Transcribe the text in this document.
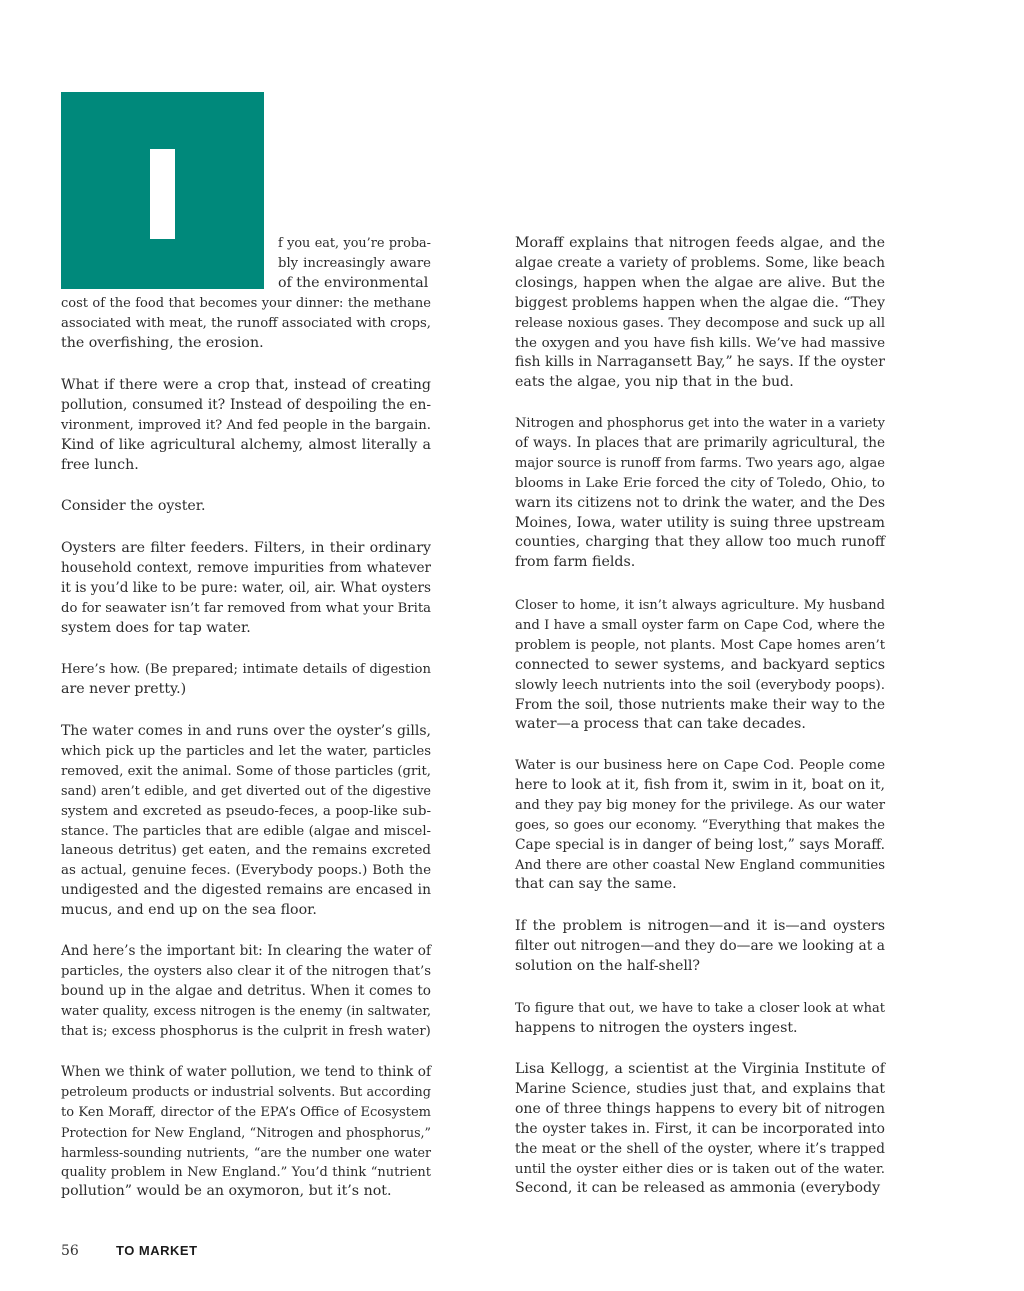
f you eat, you’re proba-
bly increasingly aware
of the environmental

cost of the food that becomes your dinner: the methane
associated with meat, the runoff associated with crops,
the overfishing, the erosion.

What if there were a crop that, instead of creating
pollution, consumed it? Instead of despoiling the en-
vironment, improved it? And fed people in the bargain.
Kind of like agricultural alchemy, almost literally a
free lunch.

Consider the oyster.

Oysters are filter feeders. Filters, in their ordinary
household context, remove impurities from whatever
it is you’d like to be pure: water, oil, air. What oysters
do for seawater isn’t far removed from what your Brita
system does for tap water.

Here’s how. (Be prepared; intimate details of digestion
are never pretty.)

The water comes in and runs over the oyster’s gills,
which pick up the particles and let the water, particles
removed, exit the animal. Some of those particles (grit,
sand) aren’t edible, and get diverted out of the digestive
system and excreted as pseudo-feces, a poop-like sub-
stance. The particles that are edible (algae and miscel-
laneous detritus) get eaten, and the remains excreted
as actual, genuine feces. (Everybody poops.) Both the
undigested and the digested remains are encased in
mucus, and end up on the sea floor.

And here’s the important bit: In clearing the water of
particles, the oysters also clear it of the nitrogen that’s
bound up in the algae and detritus. When it comes to
water quality, excess nitrogen is the enemy (in saltwater,
that is; excess phosphorus is the culprit in fresh water)

When we think of water pollution, we tend to think of
petroleum products or industrial solvents. But according
to Ken Moraff, director of the EPA’s Office of Ecosystem
Protection for New England, “Nitrogen and phosphorus,”
harmless-sounding nutrients, “are the number one water
quality problem in New England.” You’d think “nutrient
pollution” would be an oxymoron, but it’s not.

Moraff explains that nitrogen feeds algae, and the
algae create a variety of problems. Some, like beach
closings, happen when the algae are alive. But the
biggest problems happen when the algae die. “They
release noxious gases. They decompose and suck up all
the oxygen and you have fish kills. We’ve had massive
fish kills in Narragansett Bay,” he says. If the oyster
eats the algae, you nip that in the bud.

Nitrogen and phosphorus get into the water in a variety
of ways. In places that are primarily agricultural, the
major source is runoff from farms. Two years ago, algae
blooms in Lake Erie forced the city of Toledo, Ohio, to
warn its citizens not to drink the water, and the Des
Moines, Iowa, water utility is suing three upstream
counties, charging that they allow too much runoff
from farm fields.

Closer to home, it isn’t always agriculture. My husband
and I have a small oyster farm on Cape Cod, where the
problem is people, not plants. Most Cape homes aren’t
connected to sewer systems, and backyard septics
slowly leech nutrients into the soil (everybody poops).
From the soil, those nutrients make their way to the
water—a process that can take decades.

Water is our business here on Cape Cod. People come
here to look at it, fish from it, swim in it, boat on it,
and they pay big money for the privilege. As our water
goes, so goes our economy. “Everything that makes the
Cape special is in danger of being lost,” says Moraff.
And there are other coastal New England communities
that can say the same.

If the problem is nitrogen—and it is—and oysters
filter out nitrogen—and they do—are we looking at a
solution on the half-shell?

To figure that out, we have to take a closer look at what
happens to nitrogen the oysters ingest.

Lisa Kellogg, a scientist at the Virginia Institute of
Marine Science, studies just that, and explains that
one of three things happens to every bit of nitrogen
the oyster takes in. First, it can be incorporated into
the meat or the shell of the oyster, where it’s trapped
until the oyster either dies or is taken out of the water.
Second, it can be released as ammonia (everybody

56	TO MARKET
